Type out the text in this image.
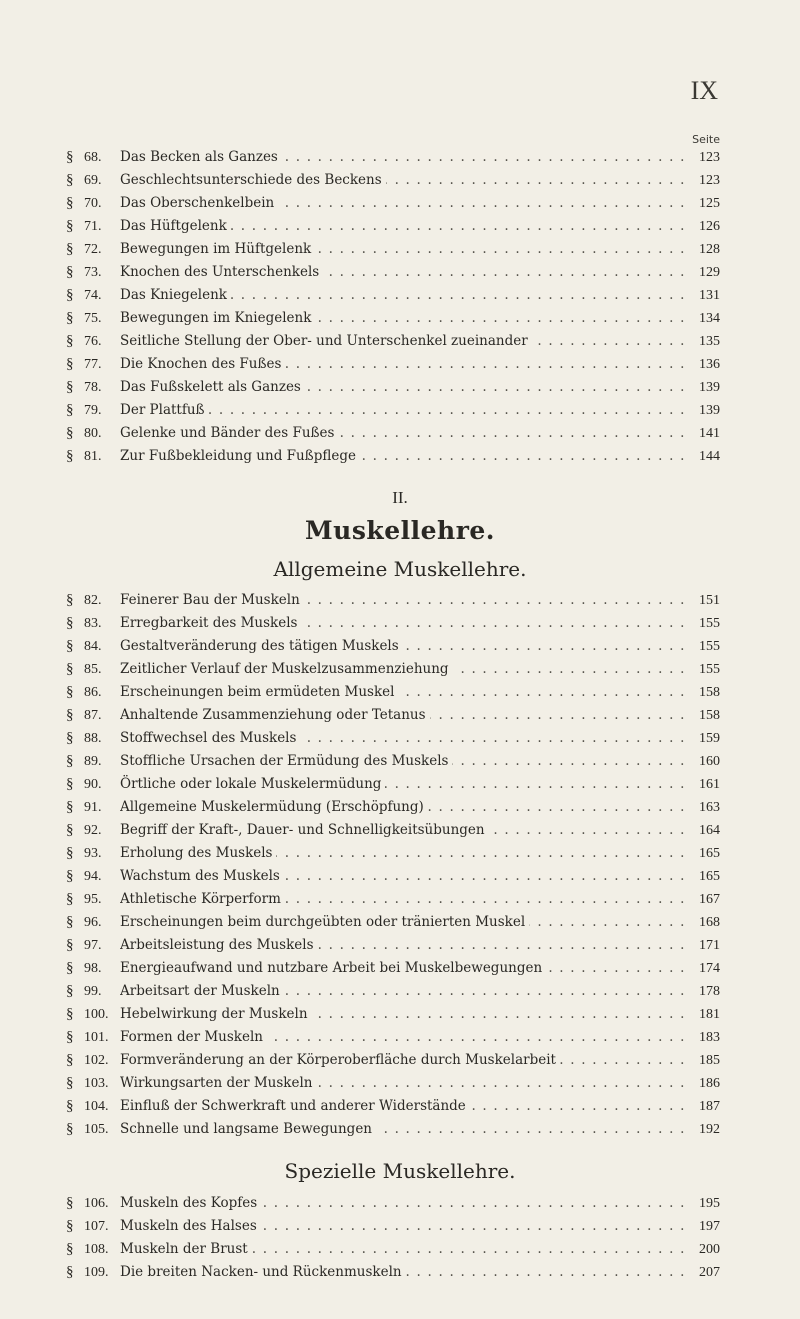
IX
Seite
§ 68.	Das Becken als Ganzes . . .	123
§ 69.	Geschlechtsunterschiede des Beckens . . .	123
§ 70.	Das Oberschenkelbein . . .	125
§ 71.	Das Hüftgelenk . . .	126
§ 72.	Bewegungen im Hüftgelenk . . .	128
§ 73.	Knochen des Unterschenkels . . .	129
§ 74.	Das Kniegelenk . . .	131
§ 75.	Bewegungen im Kniegelenk . . .	134
§ 76.	Seitliche Stellung der Ober- und Unterschenkel zueinander . . .	135
§ 77.	Die Knochen des Fußes . . .	136
§ 78.	Das Fußskelett als Ganzes . . .	139
§ 79.	Der Plattfuß . . .	139
§ 80.	Gelenke und Bänder des Fußes . . .	141
§ 81.	Zur Fußbekleidung und Fußpflege . . .	144
II.
Muskellehre.
Allgemeine Muskellehre.
§ 82.	Feinerer Bau der Muskeln . . .	151
§ 83.	Erregbarkeit des Muskels . . .	155
§ 84.	Gestaltveränderung des tätigen Muskels . . .	155
§ 85.	Zeitlicher Verlauf der Muskelzusammenziehung . . .	155
§ 86.	Erscheinungen beim ermüdeten Muskel . . .	158
§ 87.	Anhaltende Zusammenziehung oder Tetanus . . .	158
§ 88.	Stoffwechsel des Muskels . . .	159
§ 89.	Stoffliche Ursachen der Ermüdung des Muskels . . .	160
§ 90.	Örtliche oder lokale Muskelermüdung . . .	161
§ 91.	Allgemeine Muskelermüdung (Erschöpfung) . . .	163
§ 92.	Begriff der Kraft-, Dauer- und Schnelligkeitsübungen . . .	164
§ 93.	Erholung des Muskels . . .	165
§ 94.	Wachstum des Muskels . . .	165
§ 95.	Athletische Körperform . . .	167
§ 96.	Erscheinungen beim durchgeübten oder tränierten Muskel . . .	168
§ 97.	Arbeitsleistung des Muskels . . .	171
§ 98.	Energieaufwand und nutzbare Arbeit bei Muskelbewegungen . . .	174
§ 99.	Arbeitsart der Muskeln . . .	178
§ 100. Hebelwirkung der Muskeln . . .	181
§ 101. Formen der Muskeln . . .	183
§ 102. Formveränderung an der Körperoberfläche durch Muskelarbeit . . .	185
§ 103. Wirkungsarten der Muskeln . . .	186
§ 104. Einfluß der Schwerkraft und anderer Widerstände . . .	187
§ 105. Schnelle und langsame Bewegungen . . .	192
Spezielle Muskellehre.
§ 106. Muskeln des Kopfes . . .	195
§ 107. Muskeln des Halses . . .	197
§ 108. Muskeln der Brust . . .	200
§ 109. Die breiten Nacken- und Rückenmuskeln . . .	207
